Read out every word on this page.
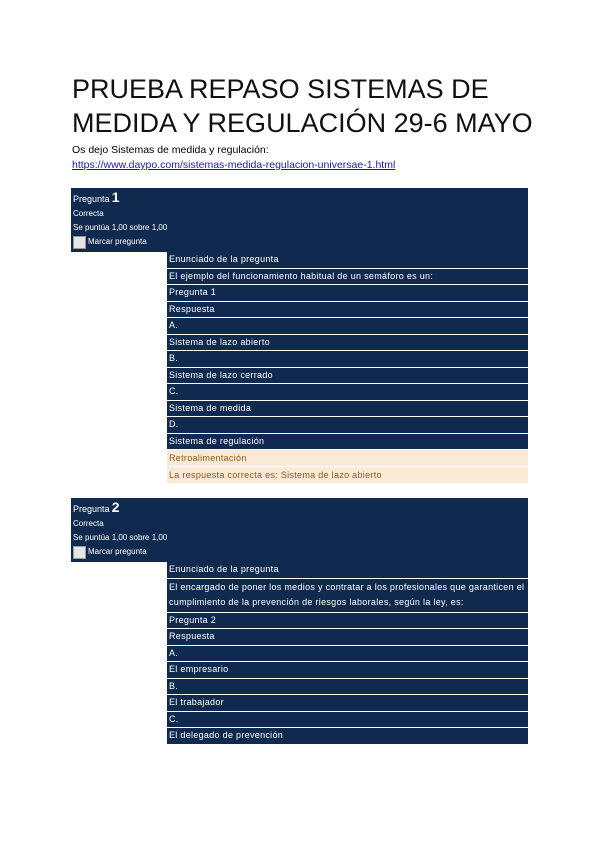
PRUEBA REPASO SISTEMAS DE MEDIDA Y REGULACIÓN 29-6 MAYO
Os dejo Sistemas de medida y regulación:
https://www.daypo.com/sistemas-medida-regulacion-universae-1.html
Pregunta 1
Correcta
Se puntúa 1,00 sobre 1,00
Marcar pregunta
Enunciado de la pregunta
El ejemplo del funcionamiento habitual de un semáforo es un:
Pregunta 1
Respuesta
A.
Sistema de lazo abierto
B.
Sistema de lazo cerrado
C.
Sistema de medida
D.
Sistema de regulación
Retroalimentación
La respuesta correcta es: Sistema de lazo abierto
Pregunta 2
Correcta
Se puntúa 1,00 sobre 1,00
Marcar pregunta
Enunciado de la pregunta
El encargado de poner los medios y contratar a los profesionales que garanticen el cumplimiento de la prevención de riesgos laborales, según la ley, es:
Pregunta 2
Respuesta
A.
El empresario
B.
El trabajador
C.
El delegado de prevención
